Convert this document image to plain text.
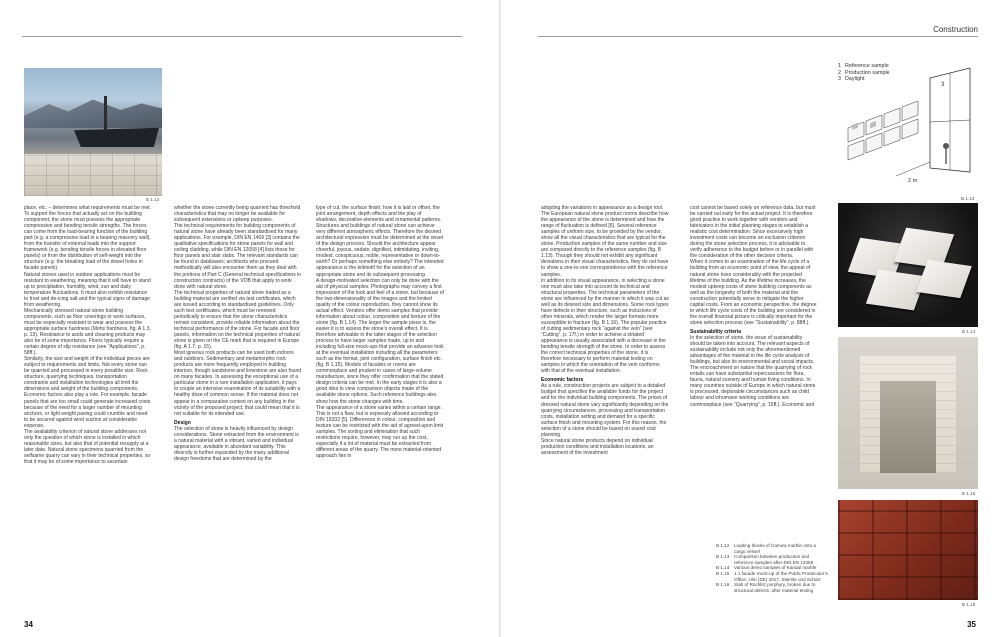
Construction
B 1.12

place, etc. – determines what requirements must be met.

To support the forces that actually act on the building component, the stone must possess the appropriate compression and bending tensile strengths. The forces can come from the load-bearing function of the building part (e.g. a compressive load in a bearing masonry wall), from the transfer of external loads into the support framework (e.g. bending tensile forces in elevated floor panels) or from the distribution of self-weight into the structure (e.g. the breaking load of the dowel holes in facade panels).

Natural stones used in outdoor applications must be resistant to weathering, meaning that it will have to stand up to precipitation, humidity, wind, sun and daily temperature fluctuations. It must also exhibit resistance to frost and de-icing salt and the typical signs of damage from weathering.

Mechanically stressed natural stone building components, such as floor coverings or work surfaces, must be especially resistant to wear and possess the appropriate surface hardness (Mohs hardness, fig. A 1.3, p. 13). Resistance to acids and cleaning products may also be of some importance. Floors typically require a certain degree of slip resistance (see “Applications”, p. 58ff.).

Similarly, the size and weight of the individual pieces are subject to requirements and limits. Not every stone can be quarried and processed in every possible size. Rock structure, quarrying techniques, transportation constraints and installation technologies all limit the dimensions and weight of the building components. Economic factors also play a role. For example, facade panels that are too small could generate increased costs because of the need for a larger number of mounting anchors, or light weight paving could crumble and need to be secured against wind suction at considerable expense.

The availability criterion of natural stone addresses not only the question of which stone is installed in which reasonable sizes, but also that of potential resupply at a later date. Natural stone specimens quarried from the selfsame quarry can vary in their technical properties, so that it may be of some importance to ascertain

whether the stone currently being quarried has threshold characteristics that may no longer be available for subsequent extensions or upkeep purposes.

The technical requirements for building components of natural stone have already been standardised for many applications. For example, DIN EN 1469 [3] contains the qualitative specifications for stone panels for wall and ceiling cladding, while DIN EN 12058 [4] lists those for floor panels and stair slabs. The relevant standards can be found in databases; architects who proceed methodically will also encounter them as they deal with the portions of Part C (General technical specifications in construction contracts) of the VOB that apply to work done with natural stone.

The technical properties of natural stone traded as a building material are verified via test certificates, which are issued according to standardised guidelines. Only such test certificates, which must be renewed periodically to ensure that the stone characteristics remain consistent, provide reliable information about the technical performance of the stone. For facade and floor panels, information on the technical properties of natural stone is given on the CE mark that is required in Europe (fig. A 1.7, p. 15).

Most igneous rock products can be used both indoors and outdoors. Sedimentary and metamorphic rock products are more frequently employed in building interiors, though sandstone and limestone are also found on many facades. In assessing the exceptional use of a particular stone in a rare installation application, it pays to couple an intensive examination of its suitability with a healthy dose of common sense. If the material does not appear in a comparative context on any building in the vicinity of the proposed project, that could mean that it is not suitable for its intended use.

Design

The selection of stone is heavily influenced by design considerations. Stone extracted from the environment is a natural material with a vibrant, varied and individual appearance, available in abundant variability. This diversity is further expanded by the many additional design freedoms that are determined by the

type of cut, the surface finish, how it is laid or offset, the joint arrangement, depth effects and the play of shadows, decorative elements and ornamental patterns.

Structures and buildings of natural stone can achieve very different atmospheric effects. Therefore the desired architectural expression must be determined at the onset of the design process. Should the architecture appear cheerful, joyous, sedate, dignified, intimidating, inviting, modest, conspicuous, noble, representative or down-to-earth? Or perhaps something else entirely? The intended appearance is the leitmotif for the selection of an appropriate stone and its subsequent processing.

A design-motivated selection can only be done with the aid of physical samples. Photographs may convey a first impression of the look and feel of a stone, but because of the two-dimensionality of the images and the limited quality of the colour reproduction, they cannot show its actual effect. Vendors offer demo samples that provide information about colour, composition and texture of the stone (fig. B 1.14). The larger the sample piece is, the easier it is to assess the stone’s overall effect. It is therefore advisable in the latter stages of the selection process to have larger samples made, up to and including full-size mock-ups that provide an advance look at the eventual installation including all the parameters such as the format, joint configuration, surface finish etc. (fig. B 1.15). Models of facades or rooms are commonplace and prudent in cases of large-volume manufacture, since they offer confirmation that the stated design criteria can be met. In the early stages it is also a good idea to view comparison objects made of the available stone options. Such reference buildings also show how the stone changes with time.

The appearance of a stone varies within a certain range. This is not a flaw, but is expressly allowed according to DIN 18332 [5]. Differences in colour, composition and texture can be restricted with the aid of agreed-upon limit samples. The sorting and elimination that such restrictions require, however, may run up the cost, especially if a lot of material must be extracted from different areas of the quarry. The more material-oriented approach lies in

adopting the variations in appearance as a design tool.

The European natural stone product norms describe how the appearance of the stone is determined and how the range of fluctuation is defined [6]. Several reference samples of uniform size, to be provided by the vendor, show all the visual characteristics that are typical for the stone. Production samples of the same number and size are compared directly to the reference samples (fig. B 1.13). Though they should not exhibit any significant deviations in their visual characteristics, they do not have to show a one-to-one correspondence with the reference samples.

In addition to its visual appearance, in selecting a stone one must also take into account its technical and structural properties. The technical parameters of the stone are influenced by the manner in which it was cut as well as its desired size and dimensions. Some rock types have defects in their structure, such as inclusions of other minerals, which render the larger formats more susceptible to fracture (fig. B 1.16). The popular practice of cutting sedimentary rock “against the vein” (see “Cutting”, p. 17f.) in order to achieve a striated appearance is usually associated with a decrease in the bending tensile strength of the stone. In order to assess the correct technical properties of the stone, it is therefore necessary to perform material testing on samples in which the orientation of the vein conforms with that of the eventual installation.

Economic factors

As a rule, construction projects are subject to a detailed budget that specifies the available funds for the project and for the individual building components. The prices of dressed natural stone vary significantly depending on the quarrying circumstances, processing and transportation costs, installation setting and demand for a specific surface finish and mounting system. For this reason, the selection of a stone should be based on sound cost planning.

Since natural stone products depend on individual production conditions and installation locations, an assessment of the investment

cost cannot be based solely on reference data, but must be carried out early for the actual project. It is therefore good practice to work together with vendors and fabricators in the initial planning stages to establish a realistic cost determination. Since excessively high investment costs can become an exclusion criterion during the stone selection process, it is advisable to verify adherence to the budget before or in parallel with the consideration of the other decision criteria.

When it comes to an examination of the life cycle of a building from an economic point of view, the appeal of natural stone rises considerably with the projected lifetime of the building. As the lifetime increases, the modest upkeep costs of stone building components as well as the longevity of both the material and the construction potentially serve to mitigate the higher capital costs. From an economic perspective, the degree to which life cycle costs of the building are considered in the overall financial picture is critically important for the stone selection process (see “Sustainability”, p. 88ff.).

Sustainability criteria

In the selection of stone, the issue of sustainability should be taken into account. The relevant aspects of sustainability include not only the aforementioned advantages of the material in the life cycle analysis of buildings, but also its environmental and social impacts. The encroachment on nature that the quarrying of rock entails can have substantial repercussions for flora, fauna, natural scenery and human living conditions. In many countries outside of Europe in which natural stone is processed, deplorable circumstances such as child labour and inhumane working conditions are commonplace (see “Quarrying”, p. 15ff.). Economic and

1 Reference sample
2 Production sample
3 Daylight
3
2 m
B 1.13
B 1.14
B 1.15
B 1.16
B 1.12	Loading blocks of Carrara marble onto a cargo vessel
B 1.13	Comparison between production and reference samples after DIN EN 12058
B 1.14	Various demo samples of Kandal marble
B 1.15	1:1 facade mock-up of the Public Prosecutor’s Office, Ulm (DE) 2017, Steimle und Schulz
B 1.16	Slab of Rochlitz porphyry, broken due to structural defects, after material testing
34	35
